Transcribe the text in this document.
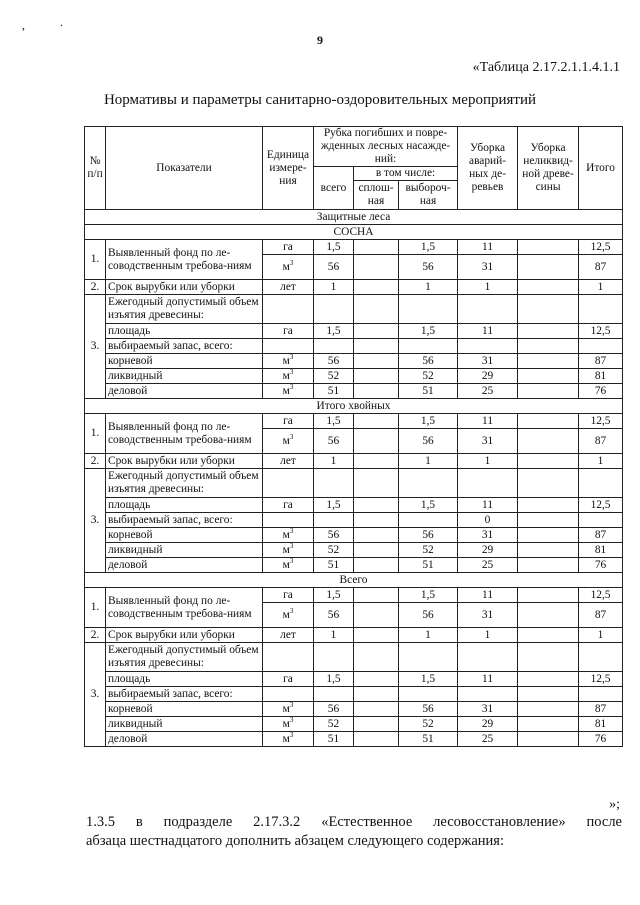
,	.
9
«Таблица 2.17.2.1.1.4.1.1
Нормативы и параметры санитарно-оздоровительных мероприятий
№ п/п	Показатели	Единица измере-ния	Рубка погибших и повре-жденных лесных насажде-ний:			Уборка аварий-ных де-ревьев	Уборка неликвид-ной древе-сины	Итого
			всего	в том числе:				
				сплош-ная	выбороч-ная			
Защитные леса								
СОСНА								
1.	Выявленный фонд по ле-соводственным требова-ниям	га	1,5		1,5	11		12,5
		$м^3$	56		56	31		87
2.	Срок вырубки или уборки	лет	1		1	1		1
3.	Ежегодный допустимый объем изъятия древесины:							
	площадь	га	1,5		1,5	11		12,5
	выбираемый запас, всего:							
	корневой	$м^3$	56		56	31		87
	ликвидный	$м^3$	52		52	29		81
	деловой	$м^3$	51		51	25		76
Итого хвойных								
1.	Выявленный фонд по ле-соводственным требова-ниям	га	1,5		1,5	11		12,5
		$м^3$	56		56	31		87
2.	Срок вырубки или уборки	лет	1		1	1		1
3.	Ежегодный допустимый объем изъятия древесины:							
	площадь	га	1,5		1,5	11		12,5
	выбираемый запас, всего:					0		
	корневой	$м^3$	56		56	31		87
	ликвидный	$м^3$	52		52	29		81
	деловой	$м^3$	51		51	25		76
Всего								
1.	Выявленный фонд по ле-соводственным требова-ниям	га	1,5		1,5	11		12,5
		$м^3$	56		56	31		87
2.	Срок вырубки или уборки	лет	1		1	1		1
3.	Ежегодный допустимый объем изъятия древесины:							
	площадь	га	1,5		1,5	11		12,5
	выбираемый запас, всего:							
	корневой	$м^3$	56		56	31		87
	ликвидный	$м^3$	52		52	29		81
	деловой	$м^3$	51		51	25		76
»;
1.3.5 в подразделе 2.17.3.2 «Естественное лесовосстановление» после
абзаца шестнадцатого дополнить абзацем следующего содержания:
